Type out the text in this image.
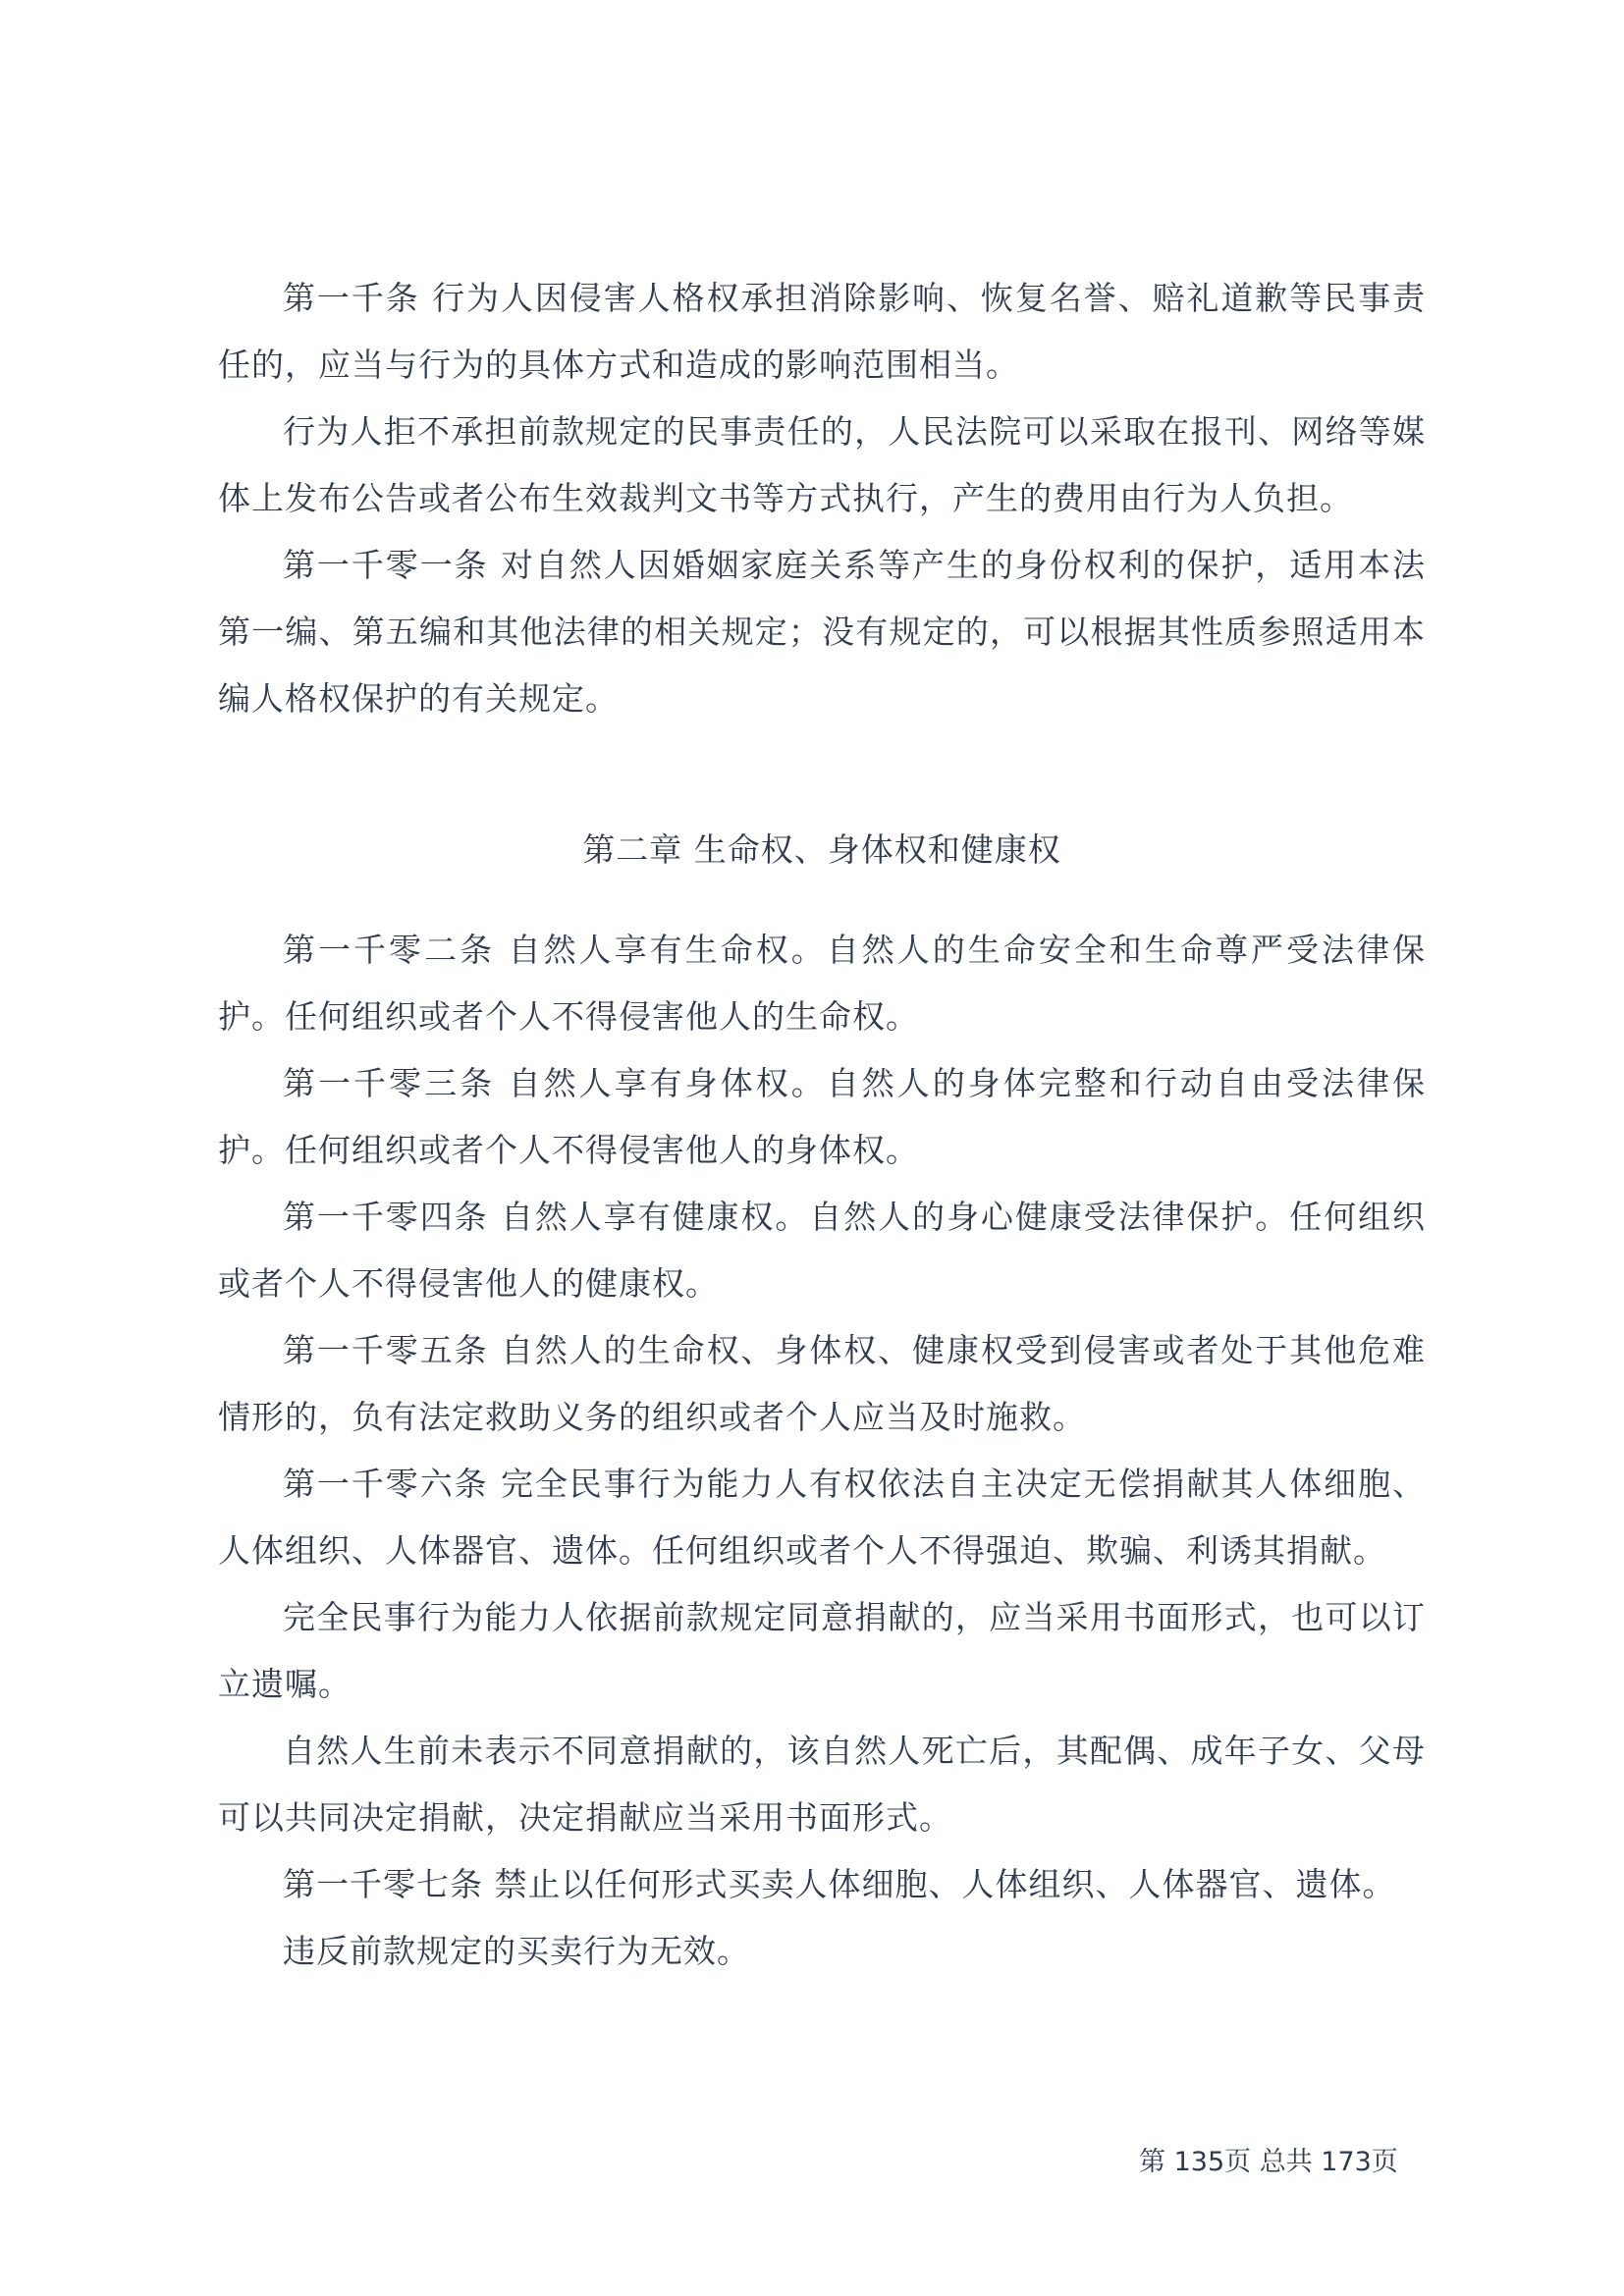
第一千条 行为人因侵害人格权承担消除影响、恢复名誉、赔礼道歉等民事责任的，应当与行为的具体方式和造成的影响范围相当。

行为人拒不承担前款规定的民事责任的，人民法院可以采取在报刊、网络等媒体上发布公告或者公布生效裁判文书等方式执行，产生的费用由行为人负担。

第一千零一条 对自然人因婚姻家庭关系等产生的身份权利的保护，适用本法第一编、第五编和其他法律的相关规定；没有规定的，可以根据其性质参照适用本编人格权保护的有关规定。

第二章 生命权、身体权和健康权

第一千零二条 自然人享有生命权。自然人的生命安全和生命尊严受法律保护。任何组织或者个人不得侵害他人的生命权。

第一千零三条 自然人享有身体权。自然人的身体完整和行动自由受法律保护。任何组织或者个人不得侵害他人的身体权。

第一千零四条 自然人享有健康权。自然人的身心健康受法律保护。任何组织或者个人不得侵害他人的健康权。

第一千零五条 自然人的生命权、身体权、健康权受到侵害或者处于其他危难情形的，负有法定救助义务的组织或者个人应当及时施救。

第一千零六条 完全民事行为能力人有权依法自主决定无偿捐献其人体细胞、人体组织、人体器官、遗体。任何组织或者个人不得强迫、欺骗、利诱其捐献。

完全民事行为能力人依据前款规定同意捐献的，应当采用书面形式，也可以订立遗嘱。

自然人生前未表示不同意捐献的，该自然人死亡后，其配偶、成年子女、父母可以共同决定捐献，决定捐献应当采用书面形式。

第一千零七条 禁止以任何形式买卖人体细胞、人体组织、人体器官、遗体。

违反前款规定的买卖行为无效。

第 135页 总共 173页
